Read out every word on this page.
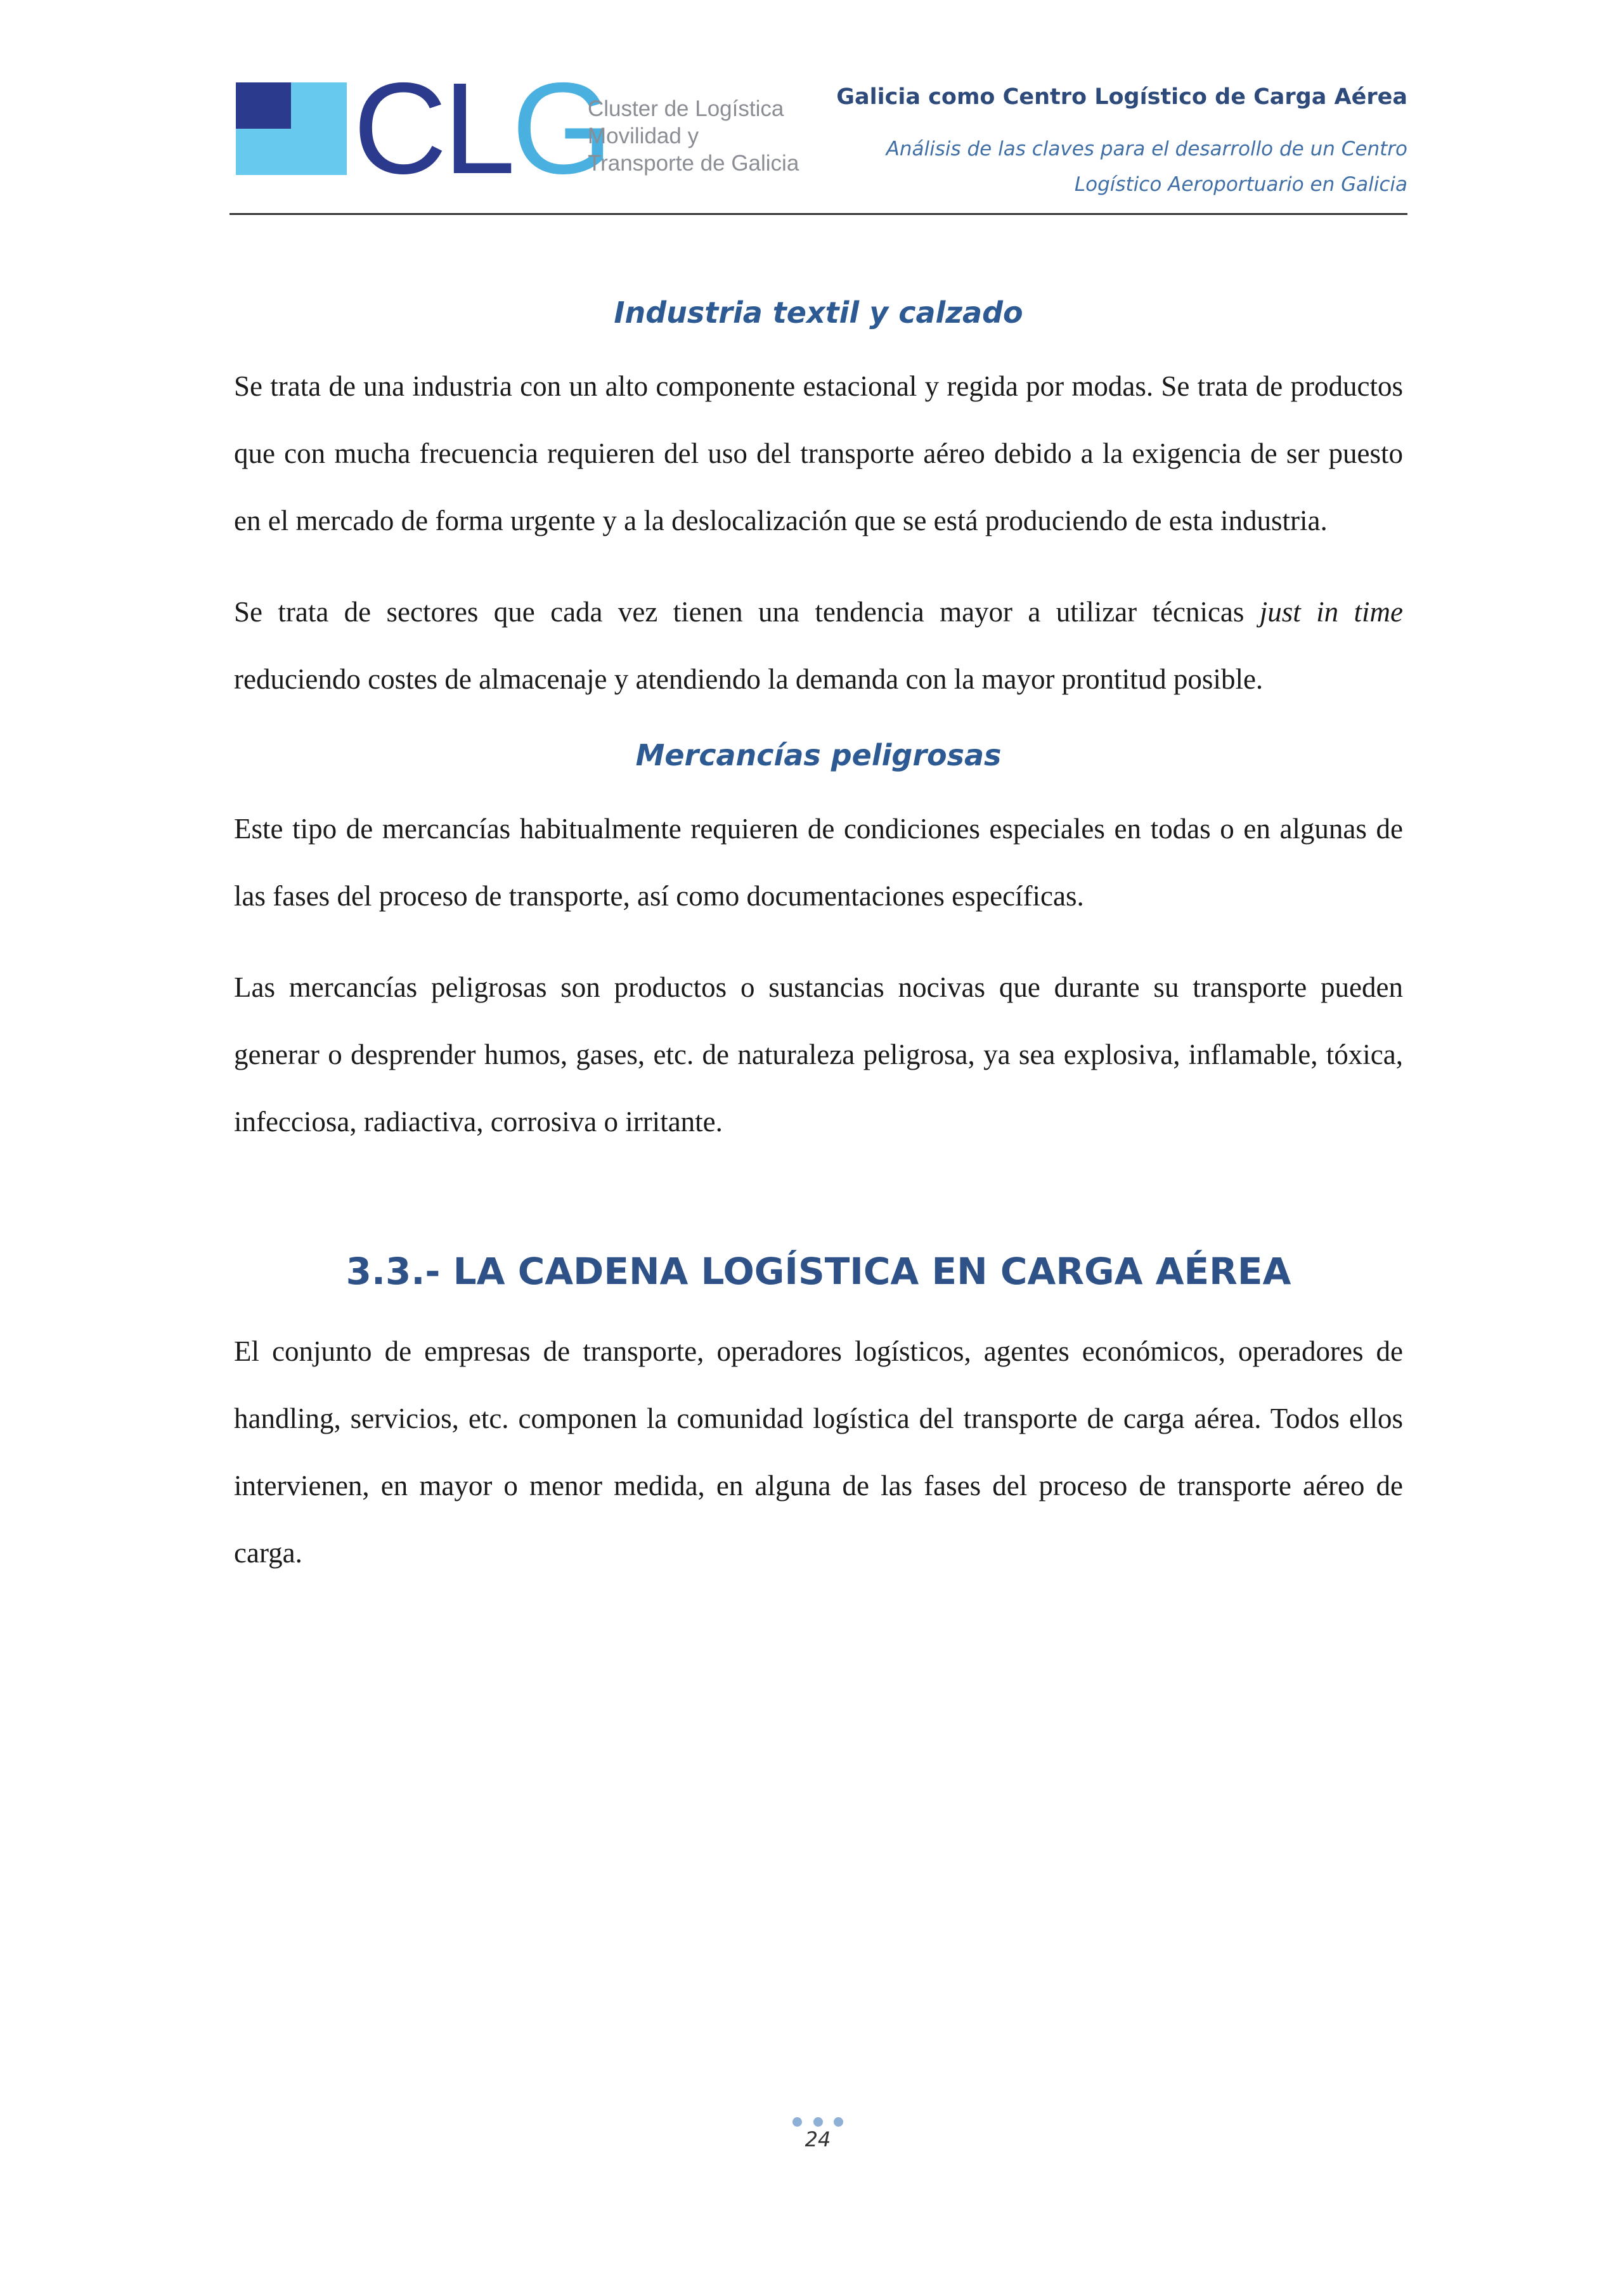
CLG
Cluster de Logística
Movilidad y
Transporte de Galicia
Galicia como Centro Logístico de Carga Aérea
Análisis de las claves para el desarrollo de un Centro
Logístico Aeroportuario en Galicia
Industria textil y calzado

Se trata de una industria con un alto componente estacional y regida por modas. Se trata de productos que con mucha frecuencia requieren del uso del transporte aéreo debido a la exigencia de ser puesto en el mercado de forma urgente y a la deslocalización que se está produciendo de esta industria.

Se trata de sectores que cada vez tienen una tendencia mayor a utilizar técnicas just in time reduciendo costes de almacenaje y atendiendo la demanda con la mayor prontitud posible.

Mercancías peligrosas

Este tipo de mercancías habitualmente requieren de condiciones especiales en todas o en algunas de las fases del proceso de transporte, así como documentaciones específicas.

Las mercancías peligrosas son productos o sustancias nocivas que durante su transporte pueden generar o desprender humos, gases, etc. de naturaleza peligrosa, ya sea explosiva, inflamable, tóxica, infecciosa, radiactiva, corrosiva o irritante.

3.3.- LA CADENA LOGÍSTICA EN CARGA AÉREA

El conjunto de empresas de transporte, operadores logísticos, agentes económicos, operadores de handling, servicios, etc. componen la comunidad logística del transporte de carga aérea. Todos ellos intervienen, en mayor o menor medida, en alguna de las fases del proceso de transporte aéreo de carga.

24
